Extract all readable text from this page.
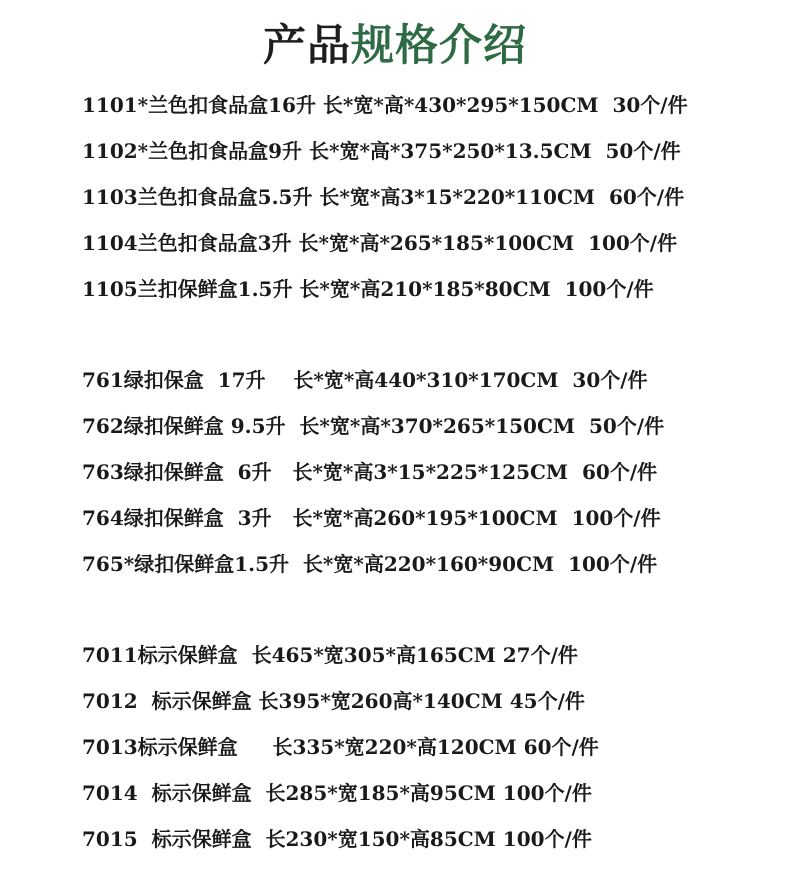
产品规格介绍
1101*兰色扣食品盒16升 长*宽*高*430*295*150CM  30个/件
1102*兰色扣食品盒9升 长*宽*高*375*250*13.5CM  50个/件
1103兰色扣食品盒5.5升 长*宽*高3*15*220*110CM  60个/件
1104兰色扣食品盒3升 长*宽*高*265*185*100CM  100个/件
1105兰扣保鲜盒1.5升 长*宽*高210*185*80CM  100个/件
761绿扣保盒  17升    长*宽*高440*310*170CM  30个/件
762绿扣保鲜盒 9.5升  长*宽*高*370*265*150CM  50个/件
763绿扣保鲜盒  6升   长*宽*高3*15*225*125CM  60个/件
764绿扣保鲜盒  3升   长*宽*高260*195*100CM  100个/件
765*绿扣保鲜盒1.5升  长*宽*高220*160*90CM  100个/件
7011标示保鲜盒  长465*宽305*高165CM 27个/件
7012  标示保鲜盒 长395*宽260高*140CM 45个/件
7013标示保鲜盒     长335*宽220*高120CM 60个/件
7014  标示保鲜盒  长285*宽185*高95CM 100个/件
7015  标示保鲜盒  长230*宽150*高85CM 100个/件
